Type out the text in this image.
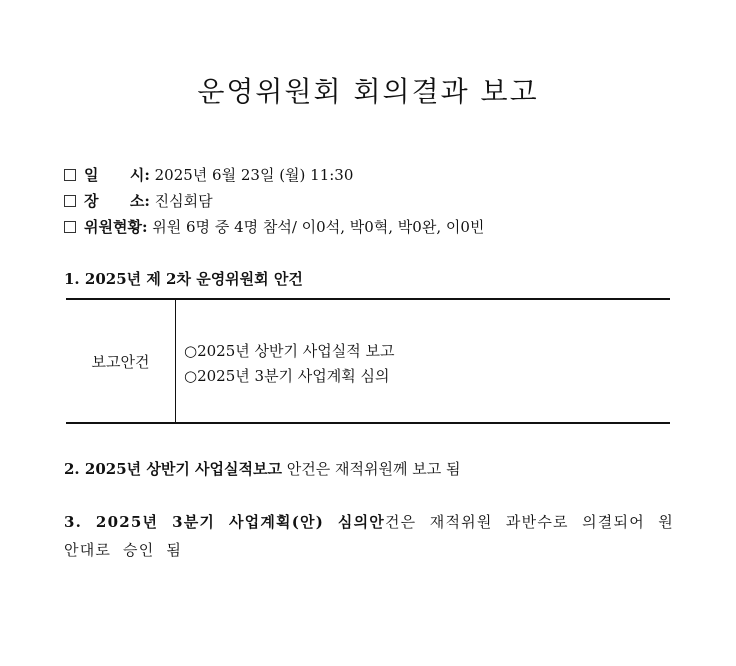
운영위원회 회의결과 보고
일      시: 2025년 6월 23일 (월) 11:30
장      소: 진심회담
위원현황: 위원 6명 중 4명 참석/ 이0석, 박0혁, 박0완, 이0빈
1. 2025년 제 2차 운영위원회 안건
보고안건
○2025년 상반기 사업실적 보고
○2025년 3분기 사업계획 심의
2. 2025년 상반기 사업실적보고 안건은 재적위원께 보고 됨
3. 2025년 3분기 사업계획(안) 심의안건은 재적위원 과반수로 의결되어 원안대로 승인 됨
